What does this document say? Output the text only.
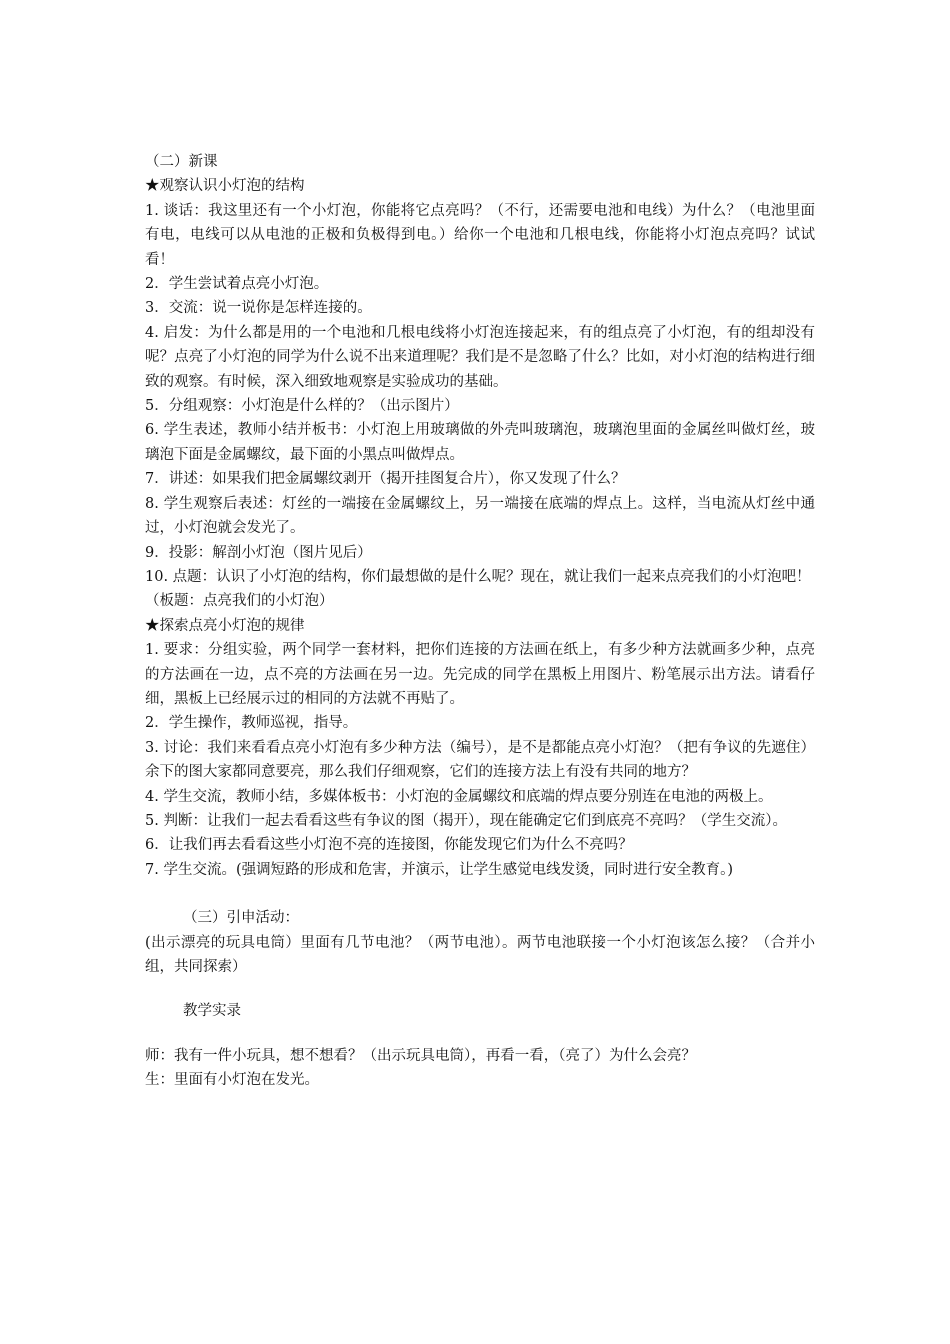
（二）新课

★观察认识小灯泡的结构

1. 谈话：我这里还有一个小灯泡，你能将它点亮吗？（不行，还需要电池和电线）为什么？（电池里面有电，电线可以从电池的正极和负极得到电。）给你一个电池和几根电线，你能将小灯泡点亮吗？试试看！

2．学生尝试着点亮小灯泡。

3．交流：说一说你是怎样连接的。

4. 启发：为什么都是用的一个电池和几根电线将小灯泡连接起来，有的组点亮了小灯泡，有的组却没有呢？点亮了小灯泡的同学为什么说不出来道理呢？我们是不是忽略了什么？比如，对小灯泡的结构进行细致的观察。有时候，深入细致地观察是实验成功的基础。

5．分组观察：小灯泡是什么样的？（出示图片）

6. 学生表述，教师小结并板书：小灯泡上用玻璃做的外壳叫玻璃泡，玻璃泡里面的金属丝叫做灯丝，玻璃泡下面是金属螺纹，最下面的小黑点叫做焊点。

7．讲述：如果我们把金属螺纹剥开（揭开挂图复合片），你又发现了什么？

8. 学生观察后表述：灯丝的一端接在金属螺纹上，另一端接在底端的焊点上。这样，当电流从灯丝中通过，小灯泡就会发光了。

9．投影：解剖小灯泡（图片见后）

10. 点题：认识了小灯泡的结构，你们最想做的是什么呢？现在，就让我们一起来点亮我们的小灯泡吧！

（板题：点亮我们的小灯泡）

★探索点亮小灯泡的规律

1. 要求：分组实验，两个同学一套材料，把你们连接的方法画在纸上，有多少种方法就画多少种，点亮的方法画在一边，点不亮的方法画在另一边。先完成的同学在黑板上用图片、粉笔展示出方法。请看仔细，黑板上已经展示过的相同的方法就不再贴了。

2．学生操作，教师巡视，指导。

3. 讨论：我们来看看点亮小灯泡有多少种方法（编号），是不是都能点亮小灯泡？（把有争议的先遮住）余下的图大家都同意要亮，那么我们仔细观察，它们的连接方法上有没有共同的地方？

4. 学生交流，教师小结，多媒体板书：小灯泡的金属螺纹和底端的焊点要分别连在电池的两极上。

5. 判断：让我们一起去看看这些有争议的图（揭开），现在能确定它们到底亮不亮吗？（学生交流）。

6．让我们再去看看这些小灯泡不亮的连接图，你能发现它们为什么不亮吗？

7. 学生交流。(强调短路的形成和危害，并演示，让学生感觉电线发烫，同时进行安全教育。)

（三）引申活动：

(出示漂亮的玩具电筒）里面有几节电池？（两节电池）。两节电池联接一个小灯泡该怎么接？（合并小组，共同探索）

教学实录

师：我有一件小玩具，想不想看？（出示玩具电筒），再看一看，（亮了）为什么会亮？

生：里面有小灯泡在发光。
